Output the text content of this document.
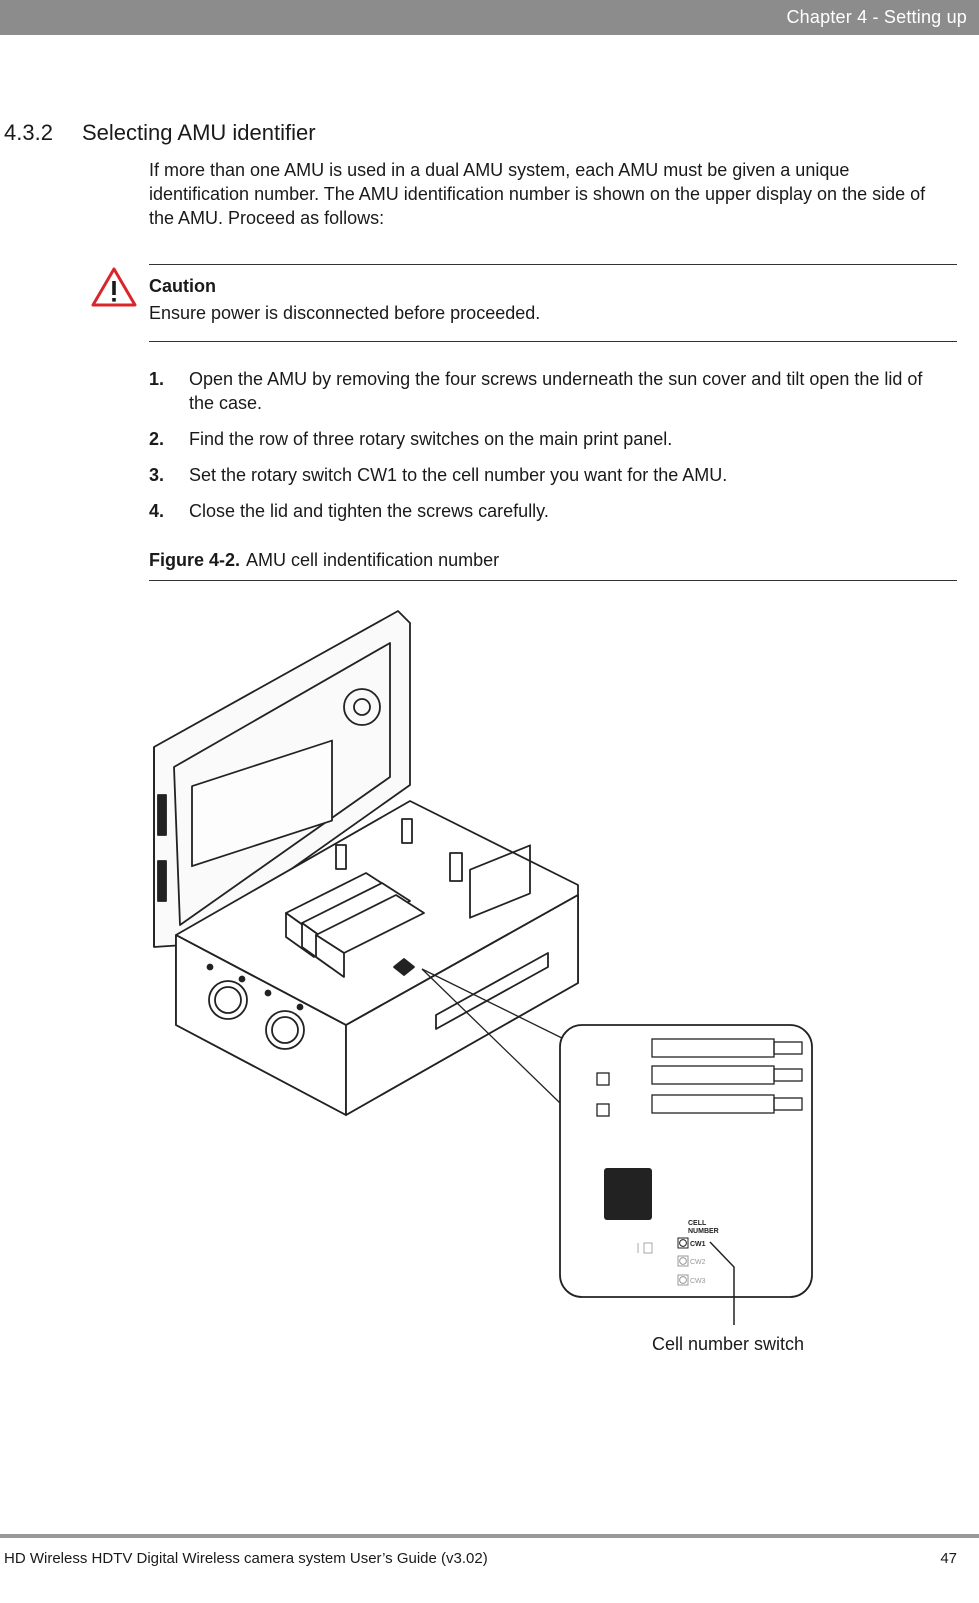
Chapter 4 - Setting up
4.3.2 Selecting AMU identifier

If more than one AMU is used in a dual AMU system, each AMU must be given a unique identification number. The AMU identification number is shown on the upper display on the side of the AMU. Proceed as follows:

Caution
Ensure power is disconnected before proceeded.
1. Open the AMU by removing the four screws underneath the sun cover and tilt open the lid of the case.
2. Find the row of three rotary switches on the main print panel.
3. Set the rotary switch CW1 to the cell number you want for the AMU.
4. Close the lid and tighten the screws carefully.
Figure 4-2. AMU cell indentification number
CELL
NUMBER
CW1
CW2
CW3
Cell number switch
HD Wireless HDTV Digital Wireless camera system User’s Guide (v3.02)	47
